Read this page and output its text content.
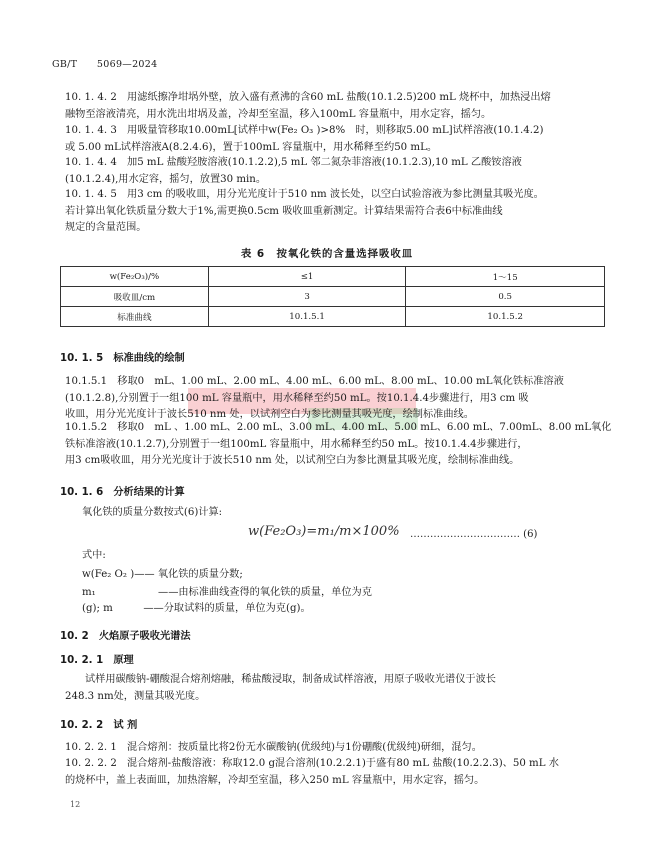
GB/T　　5069—2024
10. 1. 4. 2　用滤纸擦净坩埚外壁，放入盛有煮沸的含60 mL 盐酸(10.1.2.5)200 mL 烧杯中，加热浸出熔
融物至溶液清亮，用水洗出坩埚及盖，冷却至室温，移入100mL 容量瓶中，用水定容，摇匀。
10. 1. 4. 3　用吸量管移取10.00mL[试样中w(Fe₂ O₃ )>8%　时，则移取5.00 mL]试样溶液(10.1.4.2)
或 5.00 mL试样溶液A(8.2.4.6)，置于100mL 容量瓶中，用水稀释至约50 mL。
10. 1. 4. 4　加5 mL 盐酸羟胺溶液(10.1.2.2),5 mL 邻二氮杂菲溶液(10.1.2.3),10 mL 乙酸铵溶液
(10.1.2.4),用水定容，摇匀，放置30 min。
10. 1. 4. 5　用3 cm 的吸收皿，用分光光度计于510 nm 波长处，以空白试验溶液为参比测量其吸光度。
若计算出氧化铁质量分数大于1%,需更换0.5cm 吸收皿重新测定。计算结果需符合表6中标准曲线
规定的含量范围。
表 6　按氧化铁的含量选择吸收皿
w(Fe₂O₃)/%	≤1	1～15
吸收皿/cm	3	0.5
标准曲线	10.1.5.1	10.1.5.2
10. 1. 5　标准曲线的绘制
10.1.5.1　移取0　mL、1.00 mL、2.00 mL、4.00 mL、6.00 mL、8.00 mL、10.00 mL氧化铁标准溶液
(10.1.2.8),分别置于一组100 mL 容量瓶中，用水稀释至约50 mL。按10.1.4.4步骤进行，用3 cm 吸
收皿，用分光光度计于波长510 nm 处，以试剂空白为参比测量其吸光度，绘制标准曲线。
10.1.5.2　移取0　mL 、1.00 mL、2.00 mL、3.00 mL、4.00 mL、5.00 mL、6.00 mL、7.00mL、8.00 mL氧化
铁标准溶液(10.1.2.7),分别置于一组100mL 容量瓶中，用水稀释至约50 mL。按10.1.4.4步骤进行，
用3 cm吸收皿，用分光光度计于波长510 nm 处，以试剂空白为参比测量其吸光度，绘制标准曲线。
10. 1. 6　分析结果的计算
氧化铁的质量分数按式(6)计算:
w(Fe₂O₃)=m₁/m×100% …………………………… (6)
式中:
w(Fe₂ O₂ )—— 氧化铁的质量分数;
m₁	——由标准曲线查得的氧化铁的质量，单位为克
(g); m　　　——分取试料的质量，单位为克(g)。
10. 2　火焰原子吸收光谱法
10. 2. 1　原理
试样用碳酸钠-硼酸混合熔剂熔融，稀盐酸浸取，制备成试样溶液，用原子吸收光谱仪于波长
248.3 nm处，测量其吸光度。
10. 2. 2　试 剂
10. 2. 2. 1　混合熔剂：按质量比将2份无水碳酸钠(优级纯)与1份硼酸(优级纯)研细，混匀。
10. 2. 2. 2　混合熔剂-盐酸溶液：称取12.0 g混合溶剂(10.2.2.1)于盛有80 mL 盐酸(10.2.2.3)、50 mL 水
的烧杯中，盖上表面皿，加热溶解，冷却至室温，移入250 mL 容量瓶中，用水定容，摇匀。
12
